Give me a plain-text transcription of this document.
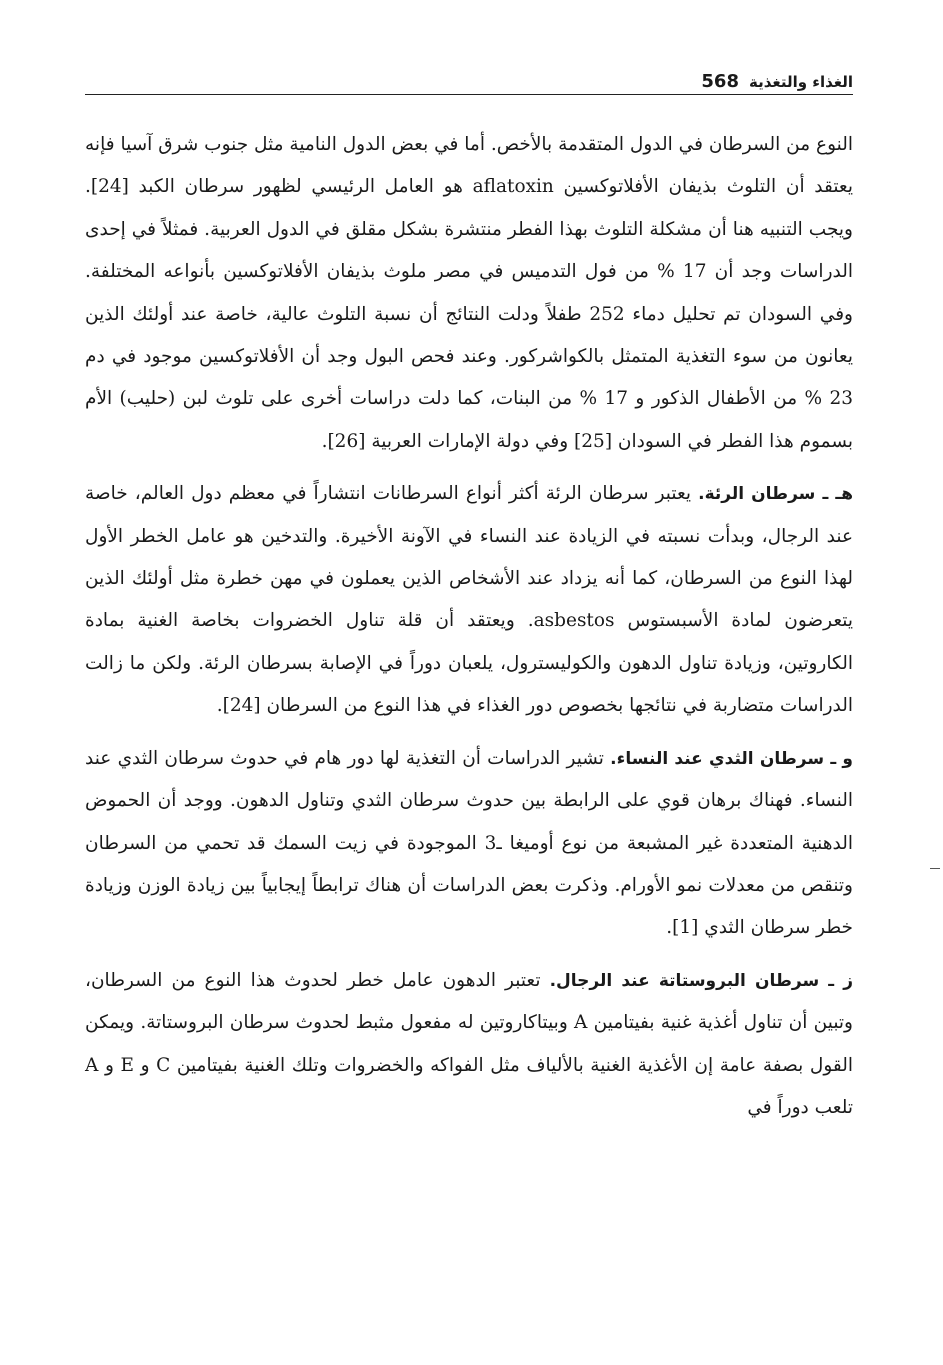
الغذاء والتغذية
568

النوع من السرطان في الدول المتقدمة بالأخص. أما في بعض الدول النامية مثل جنوب شرق آسيا فإنه يعتقد أن التلوث بذيفان الأفلاتوكسين aflatoxin هو العامل الرئيسي لظهور سرطان الكبد [24]. ويجب التنبيه هنا أن مشكلة التلوث بهذا الفطر منتشرة بشكل مقلق في الدول العربية. فمثلاً في إحدى الدراسات وجد أن 17 % من فول التدميس في مصر ملوث بذيفان الأفلاتوكسين بأنواعه المختلفة. وفي السودان تم تحليل دماء 252 طفلاً ودلت النتائج أن نسبة التلوث عالية، خاصة عند أولئك الذين يعانون من سوء التغذية المتمثل بالكواشركور. وعند فحص البول وجد أن الأفلاتوكسين موجود في دم 23 % من الأطفال الذكور و 17 % من البنات، كما دلت دراسات أخرى على تلوث لبن (حليب) الأم بسموم هذا الفطر في السودان [25] وفي دولة الإمارات العربية [26].

هـ ـ سرطان الرئة. يعتبر سرطان الرئة أكثر أنواع السرطانات انتشاراً في معظم دول العالم، خاصة عند الرجال، وبدأت نسبته في الزيادة عند النساء في الآونة الأخيرة. والتدخين هو عامل الخطر الأول لهذا النوع من السرطان، كما أنه يزداد عند الأشخاص الذين يعملون في مهن خطرة مثل أولئك الذين يتعرضون لمادة الأسبستوس asbestos. ويعتقد أن قلة تناول الخضروات بخاصة الغنية بمادة الكاروتين، وزيادة تناول الدهون والكوليسترول، يلعبان دوراً في الإصابة بسرطان الرئة. ولكن ما زالت الدراسات متضاربة في نتائجها بخصوص دور الغذاء في هذا النوع من السرطان [24].

و ـ سرطان الثدي عند النساء. تشير الدراسات أن التغذية لها دور هام في حدوث سرطان الثدي عند النساء. فهناك برهان قوي على الرابطة بين حدوث سرطان الثدي وتناول الدهون. ووجد أن الحموض الدهنية المتعددة غير المشبعة من نوع أوميغا ـ3 الموجودة في زيت السمك قد تحمي من السرطان وتنقص من معدلات نمو الأورام. وذكرت بعض الدراسات أن هناك ترابطاً إيجابياً بين زيادة الوزن وزيادة خطر سرطان الثدي [1].

ز ـ سرطان البروستاتة عند الرجال. تعتبر الدهون عامل خطر لحدوث هذا النوع من السرطان، وتبين أن تناول أغذية غنية بفيتامين A وبيتاكاروتين له مفعول مثبط لحدوث سرطان البروستاتة. ويمكن القول بصفة عامة إن الأغذية الغنية بالألياف مثل الفواكه والخضروات وتلك الغنية بفيتامين C و E و A تلعب دوراً في
